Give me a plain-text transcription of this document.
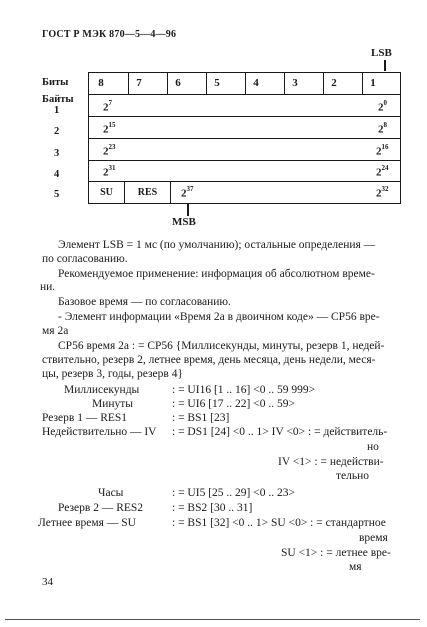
ГОСТ Р МЭК 870—5—4—96
LSB
Биты
Байты
1
2
3
4
5
8	7	6	5	4	3	2	1
$2^7$	$2^0$
$2^{15}$	$2^8$
$2^{23}$	$2^{16}$
$2^{31}$	$2^{24}$
SU	RES	$2^{37}$	$2^{32}$
MSB
Элемент LSB = 1 мс (по умолчанию); остальные определения —
по согласованию.
Рекомендуемое применение: информация об абсолютном време-
ни.
Базовое время — по согласованию.
- Элемент информации «Время 2а в двоичном коде» — CP56 вре-
мя 2а
CP56 время 2а : = CP56 {Миллисекунды, минуты, резерв 1, недей-
ствительно, резерв 2, летнее время, день месяца, день недели, меся-
цы, резерв 3, годы, резерв 4}
Миллисекунды	: = UI16 [1 .. 16] <0 .. 59 999>
Минуты	: = UI6 [17 .. 22] <0 .. 59>
Резерв 1 — RES1	: = BS1 [23]
Недействительно — IV : = DS1 [24] <0 .. 1> IV <0> : = действитель-
но
IV <1> : = недействи-
тельно
Часы	: = UI5 [25 .. 29] <0 .. 23>
Резерв 2 — RES2	: = BS2 [30 .. 31]
Летнее время — SU	: = BS1 [32] <0 .. 1> SU <0> : = стандартное
время
SU <1> : = летнее вре-
мя
34
